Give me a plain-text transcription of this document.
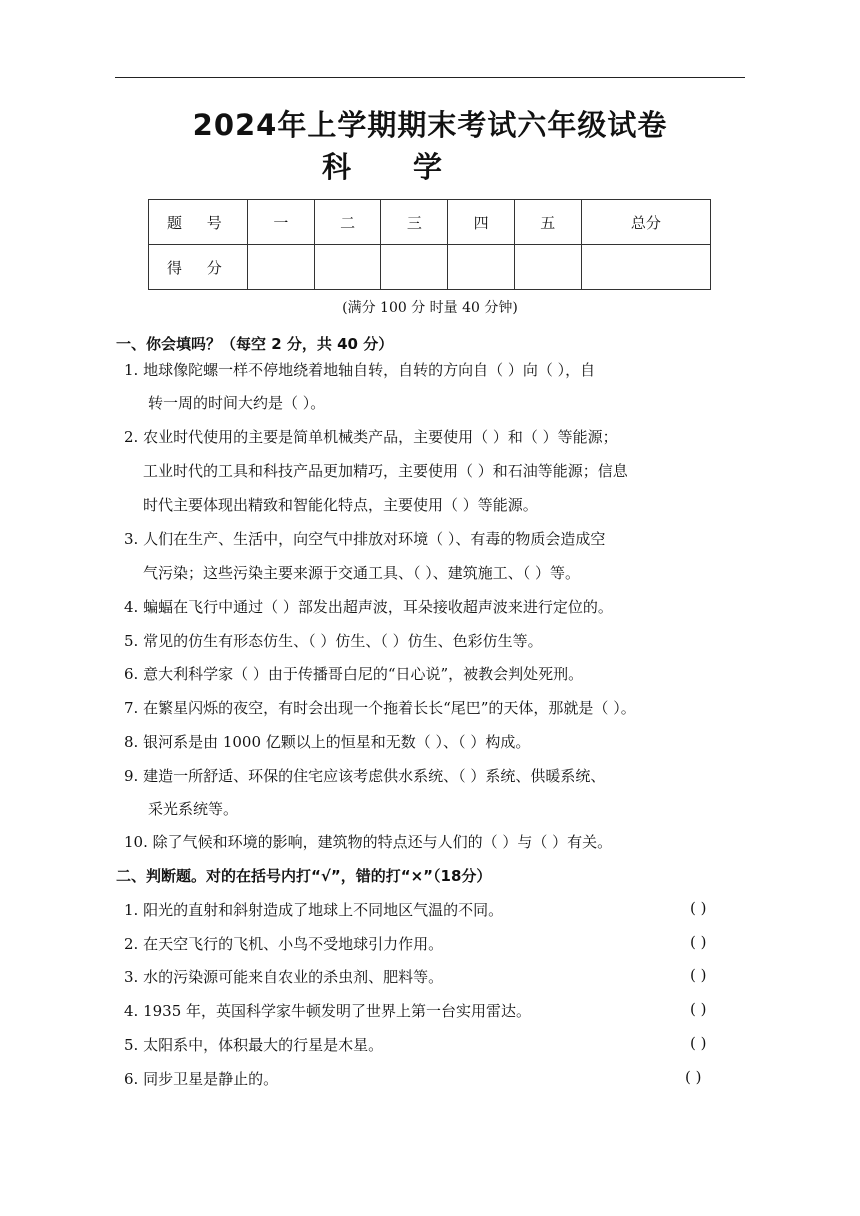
2024年上学期期末考试六年级试卷
科学
题 号	一	二	三	四	五	总分
得 分						
(满分 100 分 时量 40 分钟)
一、你会填吗？（每空 2 分，共 40 分）
1. 地球像陀螺一样不停地绕着地轴自转，自转的方向自（ ）向（ ），自
转一周的时间大约是（ ）。
2. 农业时代使用的主要是简单机械类产品，主要使用（ ）和（ ）等能源；
工业时代的工具和科技产品更加精巧，主要使用（ ）和石油等能源；信息
时代主要体现出精致和智能化特点，主要使用（ ）等能源。
3. 人们在生产、生活中，向空气中排放对环境（ ）、有毒的物质会造成空
气污染；这些污染主要来源于交通工具、（ ）、建筑施工、（ ）等。
4. 蝙蝠在飞行中通过（ ）部发出超声波，耳朵接收超声波来进行定位的。
5. 常见的仿生有形态仿生、（ ）仿生、（ ）仿生、色彩仿生等。
6. 意大利科学家（ ）由于传播哥白尼的“日心说”，被教会判处死刑。
7. 在繁星闪烁的夜空，有时会出现一个拖着长长“尾巴”的天体，那就是（ ）。
8. 银河系是由 1000 亿颗以上的恒星和无数（ ）、（ ）构成。
9. 建造一所舒适、环保的住宅应该考虑供水系统、（ ）系统、供暖系统、
采光系统等。
10. 除了气候和环境的影响，建筑物的特点还与人们的（ ）与（ ）有关。
二、判断题。对的在括号内打“√”，错的打“×”（18分）
1. 阳光的直射和斜射造成了地球上不同地区气温的不同。	( )
2. 在天空飞行的飞机、小鸟不受地球引力作用。	( )
3. 水的污染源可能来自农业的杀虫剂、肥料等。	( )
4. 1935 年，英国科学家牛顿发明了世界上第一台实用雷达。	( )
5. 太阳系中，体积最大的行星是木星。	( )
6. 同步卫星是静止的。	( )
